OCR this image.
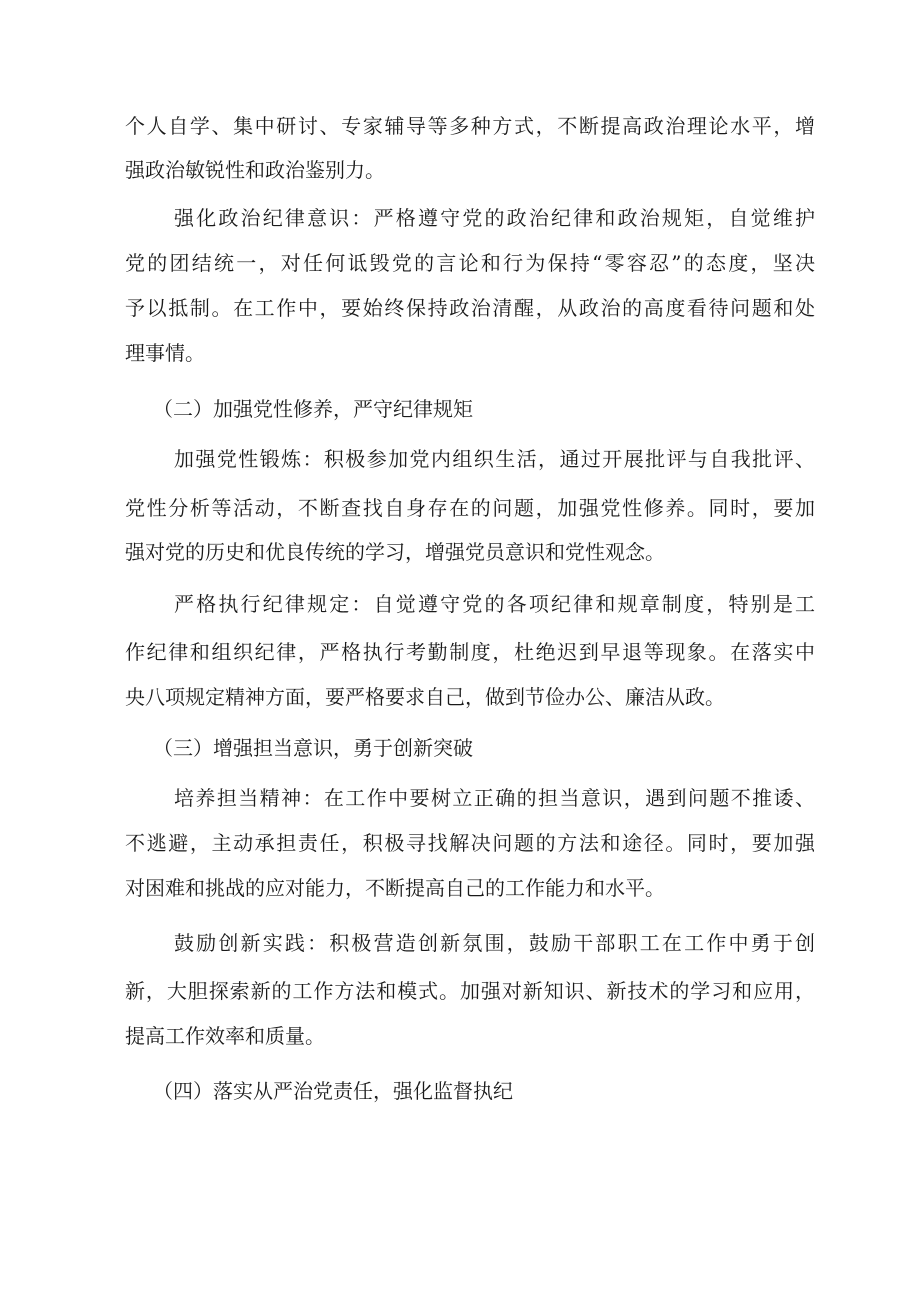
个人自学、集中研讨、专家辅导等多种方式，不断提高政治理论水平，增
强政治敏锐性和政治鉴别力。
强化政治纪律意识：严格遵守党的政治纪律和政治规矩，自觉维护
党的团结统一，对任何诋毁党的言论和行为保持“零容忍”的态度，坚决
予以抵制。在工作中，要始终保持政治清醒，从政治的高度看待问题和处
理事情。
（二）加强党性修养，严守纪律规矩
加强党性锻炼：积极参加党内组织生活，通过开展批评与自我批评、
党性分析等活动，不断查找自身存在的问题，加强党性修养。同时，要加
强对党的历史和优良传统的学习，增强党员意识和党性观念。
严格执行纪律规定：自觉遵守党的各项纪律和规章制度，特别是工
作纪律和组织纪律，严格执行考勤制度，杜绝迟到早退等现象。在落实中
央八项规定精神方面，要严格要求自己，做到节俭办公、廉洁从政。
（三）增强担当意识，勇于创新突破
培养担当精神：在工作中要树立正确的担当意识，遇到问题不推诿、
不逃避，主动承担责任，积极寻找解决问题的方法和途径。同时，要加强
对困难和挑战的应对能力，不断提高自己的工作能力和水平。
鼓励创新实践：积极营造创新氛围，鼓励干部职工在工作中勇于创
新，大胆探索新的工作方法和模式。加强对新知识、新技术的学习和应用，
提高工作效率和质量。
（四）落实从严治党责任，强化监督执纪
